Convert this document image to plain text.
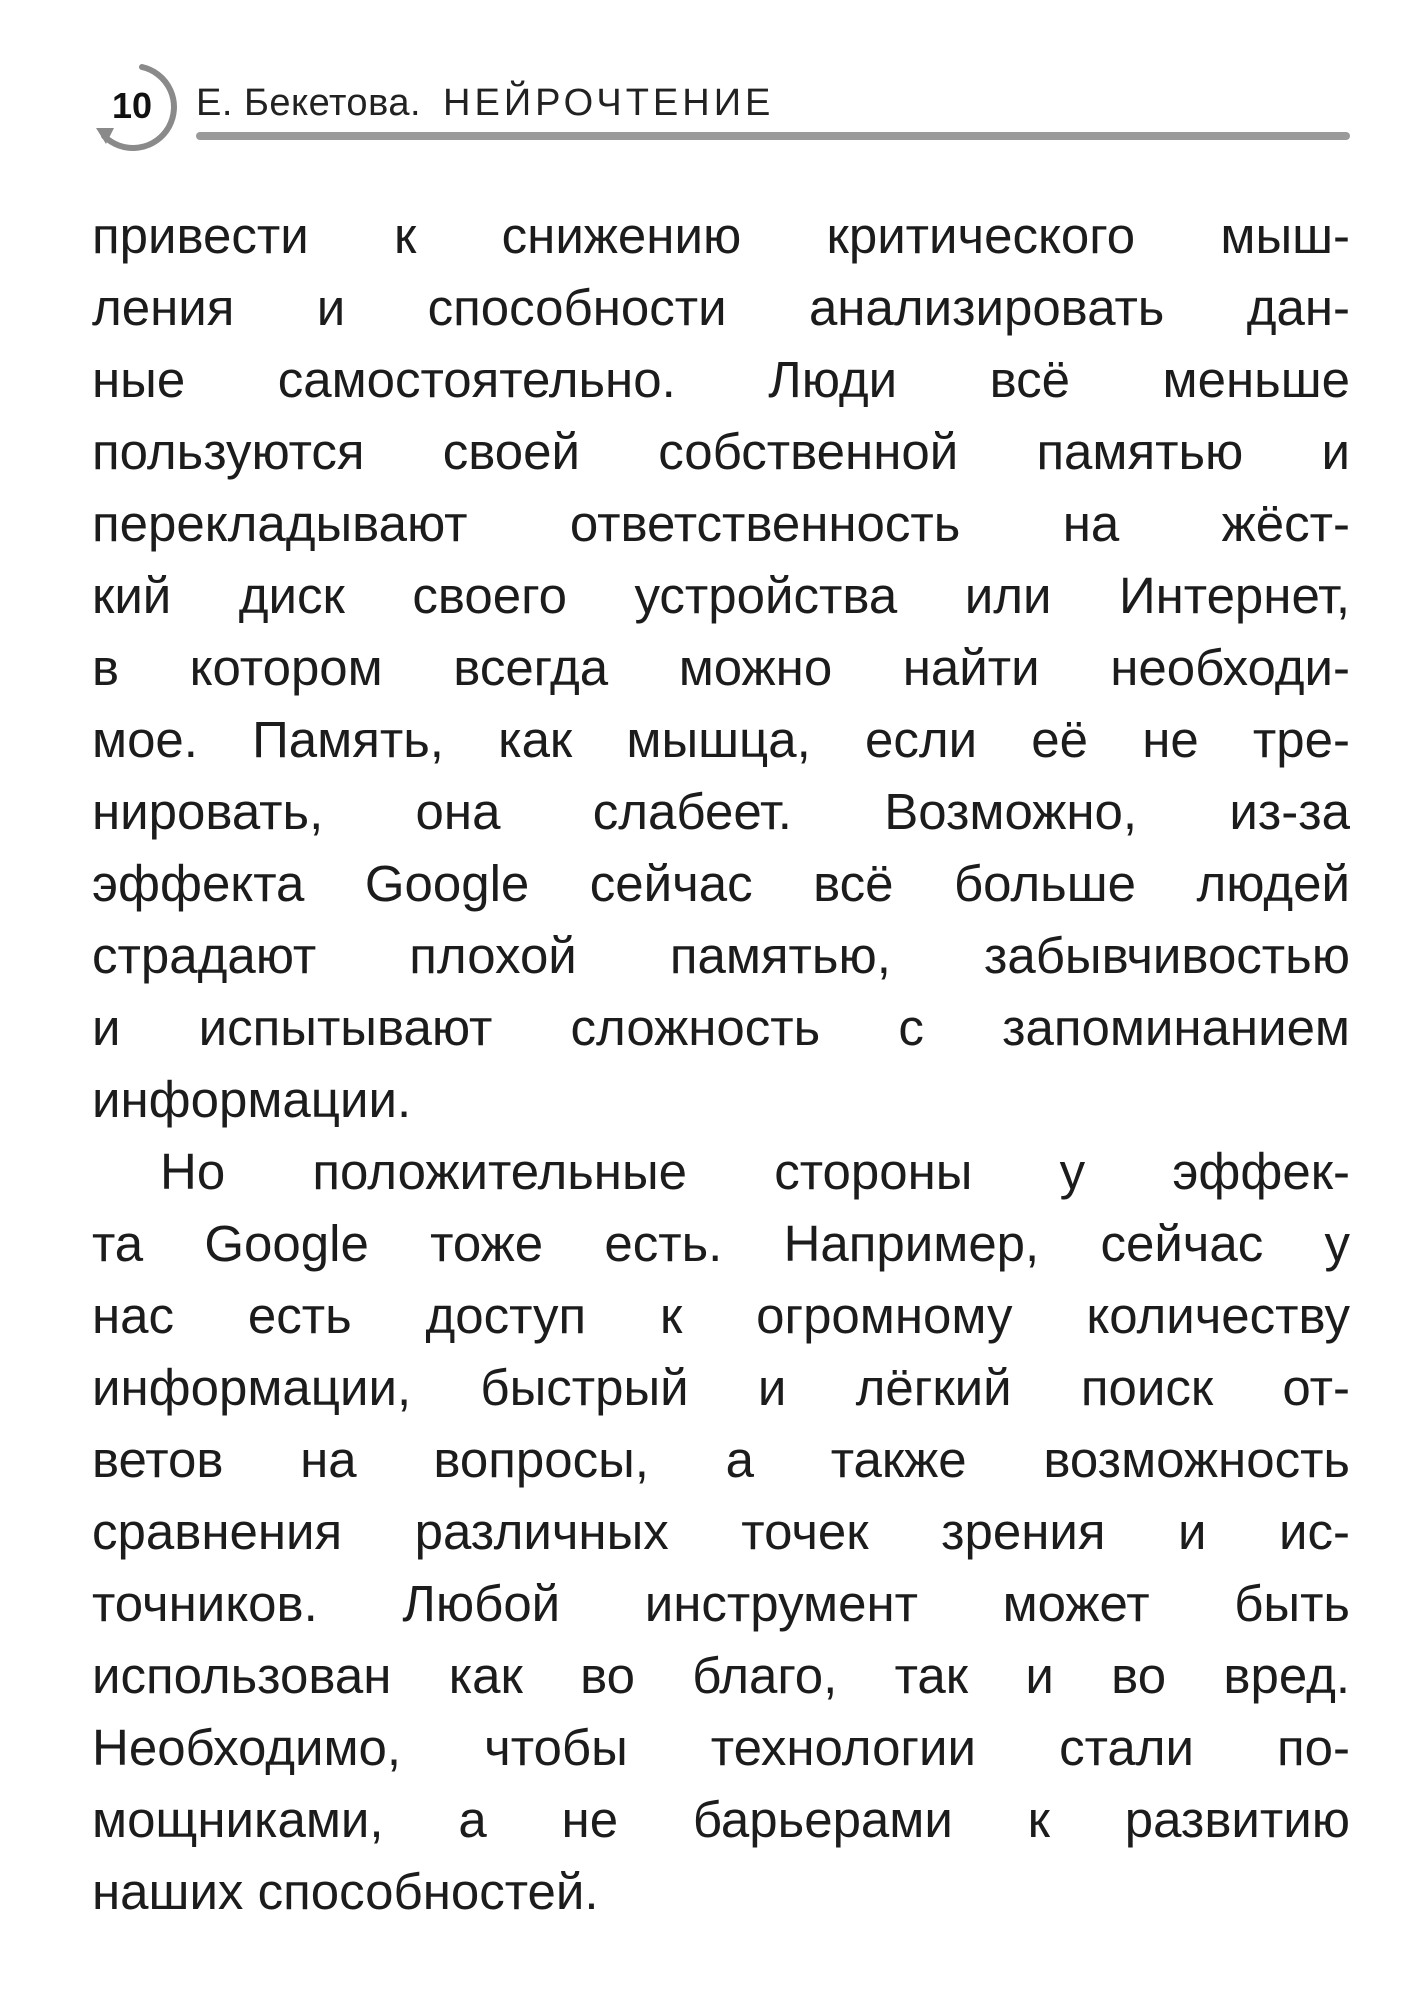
10	Е. Бекетова. НЕЙРОЧТЕНИЕ
привести к снижению критического мыш-
ления и способности анализировать дан-
ные самостоятельно. Люди всё меньше
пользуются своей собственной памятью и
перекладывают ответственность на жёст-
кий диск своего устройства или Интернет,
в котором всегда можно найти необходи-
мое. Память, как мышца, если её не тре-
нировать, она слабеет. Возможно, из-за
эффекта Google сейчас всё больше людей
страдают плохой памятью, забывчивостью
и испытывают сложность с запоминанием
информации.
Но положительные стороны у эффек-
та Google тоже есть. Например, сейчас у
нас есть доступ к огромному количеству
информации, быстрый и лёгкий поиск от-
ветов на вопросы, а также возможность
сравнения различных точек зрения и ис-
точников. Любой инструмент может быть
использован как во благо, так и во вред.
Необходимо, чтобы технологии стали по-
мощниками, а не барьерами к развитию
наших способностей.
